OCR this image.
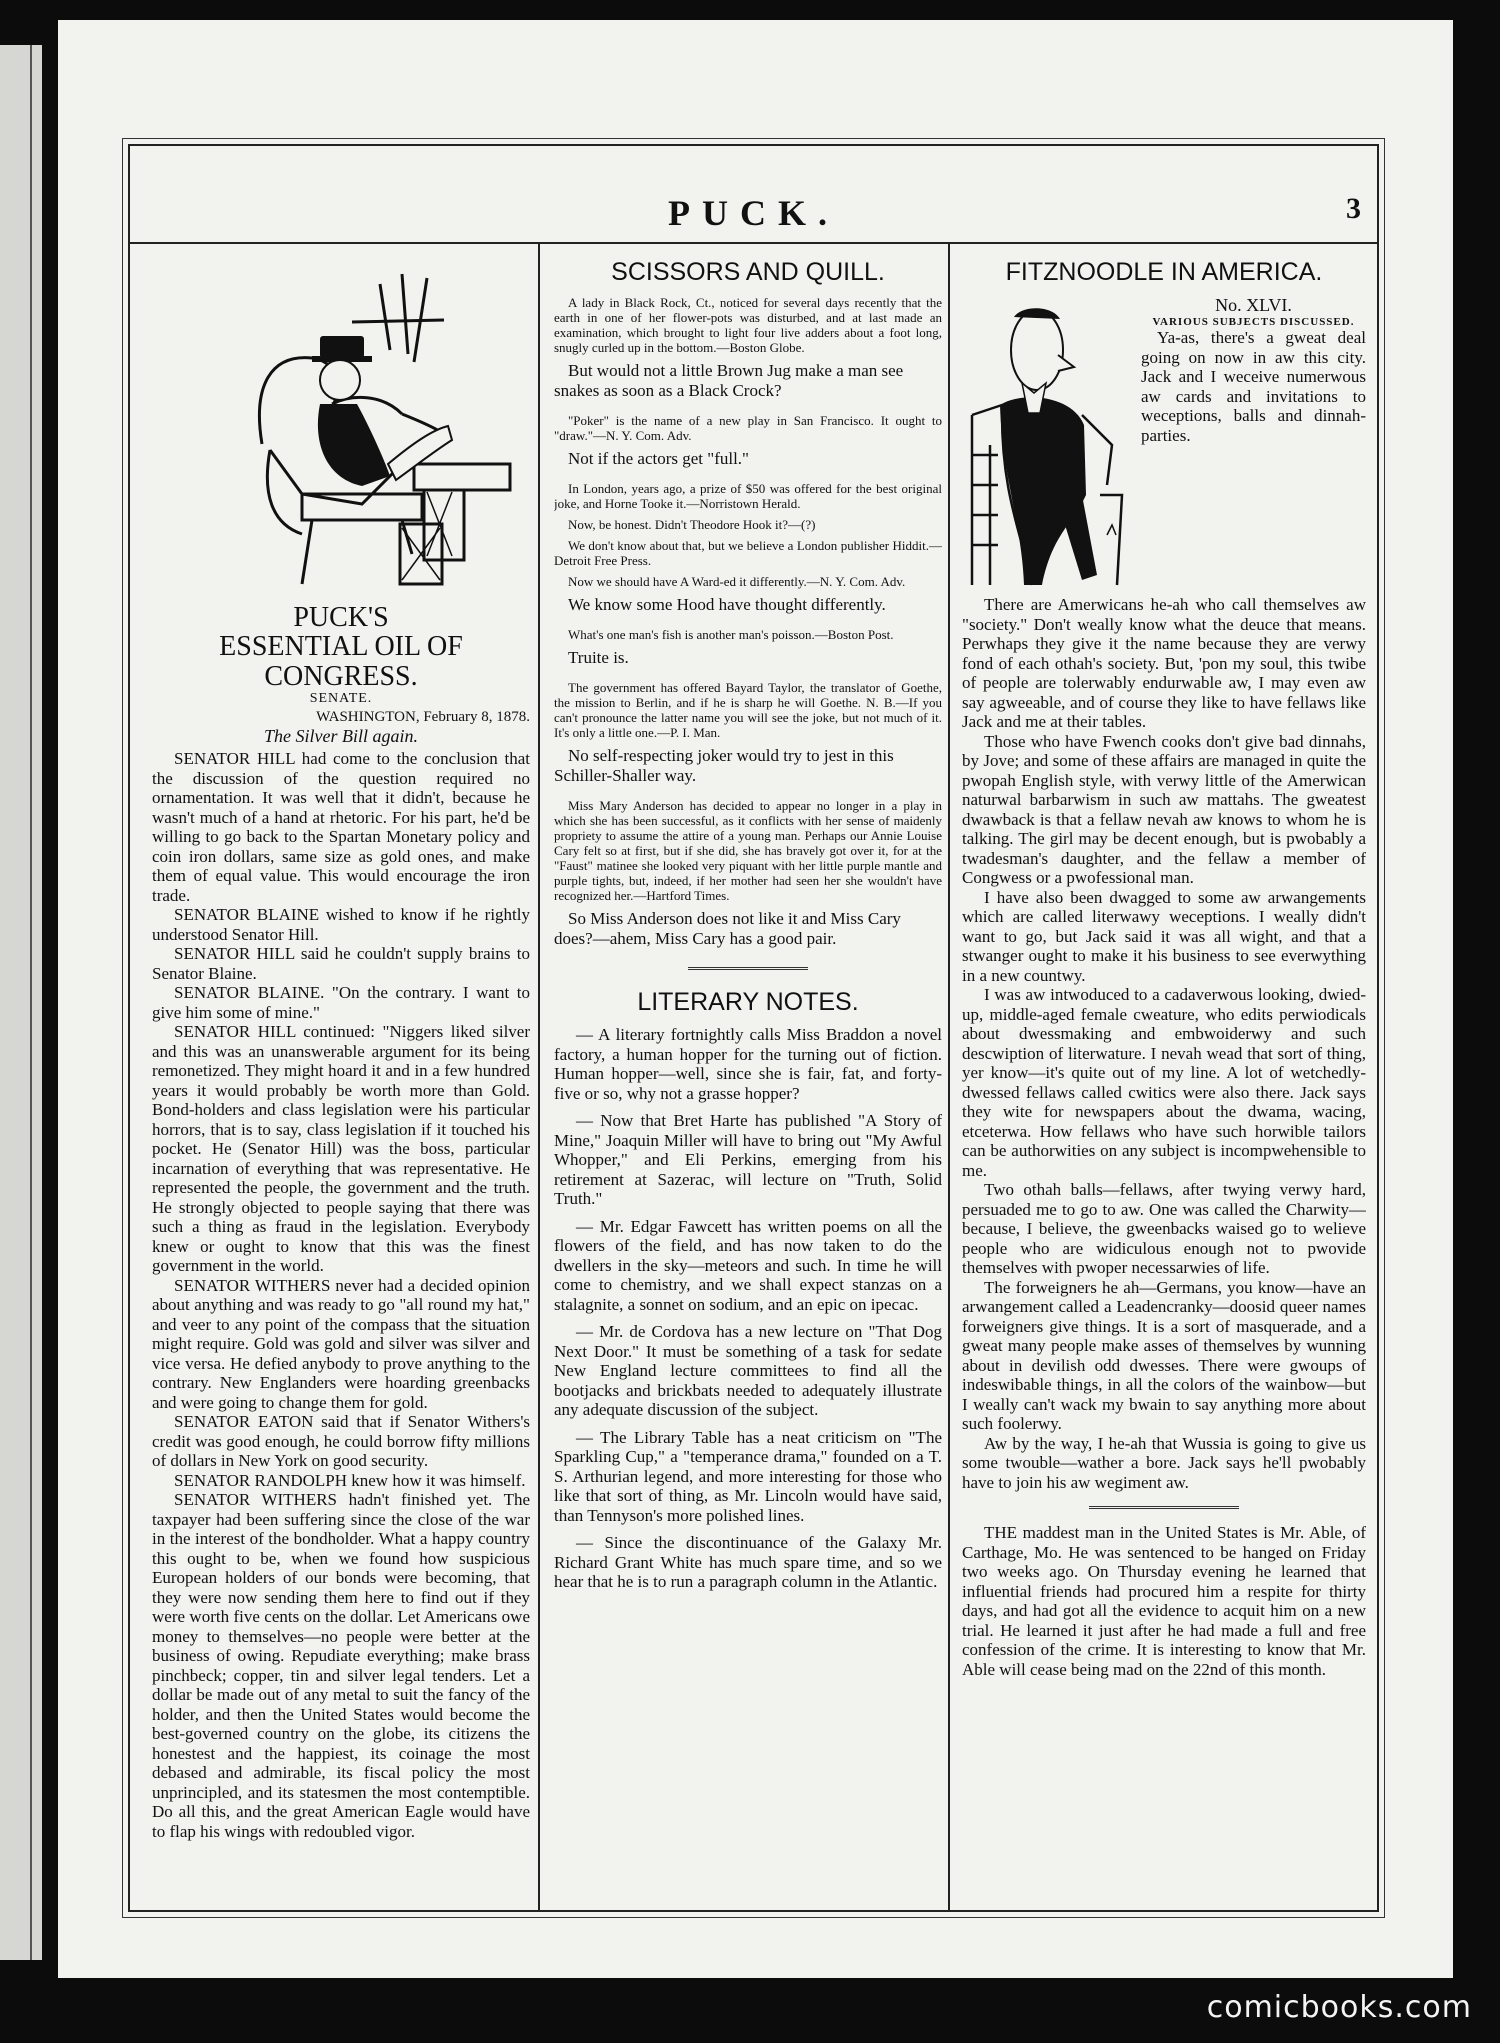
PUCK.	3
PUCK'S
ESSENTIAL OIL OF CONGRESS.
SENATE.
WASHINGTON, February 8, 1878.
The Silver Bill again.

SENATOR HILL had come to the conclusion that the discussion of the question required no ornamentation. It was well that it didn't, because he wasn't much of a hand at rhetoric. For his part, he'd be willing to go back to the Spartan Monetary policy and coin iron dollars, same size as gold ones, and make them of equal value. This would encourage the iron trade.

SENATOR BLAINE wished to know if he rightly understood Senator Hill.

SENATOR HILL said he couldn't supply brains to Senator Blaine.

SENATOR BLAINE. "On the contrary. I want to give him some of mine."

SENATOR HILL continued: "Niggers liked silver and this was an unanswerable argument for its being remonetized. They might hoard it and in a few hundred years it would probably be worth more than Gold. Bond-holders and class legislation were his particular horrors, that is to say, class legislation if it touched his pocket. He (Senator Hill) was the boss, particular incarnation of everything that was representative. He represented the people, the government and the truth. He strongly objected to people saying that there was such a thing as fraud in the legislation. Everybody knew or ought to know that this was the finest government in the world.

SENATOR WITHERS never had a decided opinion about anything and was ready to go "all round my hat," and veer to any point of the compass that the situation might require. Gold was gold and silver was silver and vice versa. He defied anybody to prove anything to the contrary. New Englanders were hoarding greenbacks and were going to change them for gold.

SENATOR EATON said that if Senator Withers's credit was good enough, he could borrow fifty millions of dollars in New York on good security.

SENATOR RANDOLPH knew how it was himself.

SENATOR WITHERS hadn't finished yet. The taxpayer had been suffering since the close of the war in the interest of the bondholder. What a happy country this ought to be, when we found how suspicious European holders of our bonds were becoming, that they were now sending them here to find out if they were worth five cents on the dollar. Let Americans owe money to themselves—no people were better at the business of owing. Repudiate everything; make brass pinchbeck; copper, tin and silver legal tenders. Let a dollar be made out of any metal to suit the fancy of the holder, and then the United States would become the best-governed country on the globe, its citizens the honestest and the happiest, its coinage the most debased and admirable, its fiscal policy the most unprincipled, and its statesmen the most contemptible. Do all this, and the great American Eagle would have to flap his wings with redoubled vigor.

SCISSORS AND QUILL.

A lady in Black Rock, Ct., noticed for several days recently that the earth in one of her flower-pots was disturbed, and at last made an examination, which brought to light four live adders about a foot long, snugly curled up in the bottom.—Boston Globe.

But would not a little Brown Jug make a man see snakes as soon as a Black Crock?

"Poker" is the name of a new play in San Francisco. It ought to "draw."—N. Y. Com. Adv.

Not if the actors get "full."

In London, years ago, a prize of $50 was offered for the best original joke, and Horne Tooke it.—Norristown Herald.

Now, be honest. Didn't Theodore Hook it?—(?)

We don't know about that, but we believe a London publisher Hiddit.—Detroit Free Press.

Now we should have A Ward-ed it differently.—N. Y. Com. Adv.

We know some Hood have thought differently.

What's one man's fish is another man's poisson.—Boston Post.

Truite is.

The government has offered Bayard Taylor, the translator of Goethe, the mission to Berlin, and if he is sharp he will Goethe. N. B.—If you can't pronounce the latter name you will see the joke, but not much of it. It's only a little one.—P. I. Man.

No self-respecting joker would try to jest in this Schiller-Shaller way.

Miss Mary Anderson has decided to appear no longer in a play in which she has been successful, as it conflicts with her sense of maidenly propriety to assume the attire of a young man. Perhaps our Annie Louise Cary felt so at first, but if she did, she has bravely got over it, for at the "Faust" matinee she looked very piquant with her little purple mantle and purple tights, but, indeed, if her mother had seen her she wouldn't have recognized her.—Hartford Times.

So Miss Anderson does not like it and Miss Cary does?—ahem, Miss Cary has a good pair.
LITERARY NOTES.

— A literary fortnightly calls Miss Braddon a novel factory, a human hopper for the turning out of fiction. Human hopper—well, since she is fair, fat, and forty-five or so, why not a grasse hopper?

— Now that Bret Harte has published "A Story of Mine," Joaquin Miller will have to bring out "My Awful Whopper," and Eli Perkins, emerging from his retirement at Sazerac, will lecture on "Truth, Solid Truth."

— Mr. Edgar Fawcett has written poems on all the flowers of the field, and has now taken to do the dwellers in the sky—meteors and such. In time he will come to chemistry, and we shall expect stanzas on a stalagnite, a sonnet on sodium, and an epic on ipecac.

— Mr. de Cordova has a new lecture on "That Dog Next Door." It must be something of a task for sedate New England lecture committees to find all the bootjacks and brickbats needed to adequately illustrate any adequate discussion of the subject.

— The Library Table has a neat criticism on "The Sparkling Cup," a "temperance drama," founded on a T. S. Arthurian legend, and more interesting for those who like that sort of thing, as Mr. Lincoln would have said, than Tennyson's more polished lines.

— Since the discontinuance of the Galaxy Mr. Richard Grant White has much spare time, and so we hear that he is to run a paragraph column in the Atlantic.

FITZNOODLE IN AMERICA.
No. XLVI.
VARIOUS SUBJECTS DISCUSSED.

Ya-as, there's a gweat deal going on now in aw this city. Jack and I weceive numerwous aw cards and invitations to weceptions, balls and dinnah-parties.

There are Amerwicans he-ah who call themselves aw "society." Don't weally know what the deuce that means. Perwhaps they give it the name because they are verwy fond of each othah's society. But, 'pon my soul, this twibe of people are tolerwably endurwable aw, I may even aw say agweeable, and of course they like to have fellaws like Jack and me at their tables.

Those who have Fwench cooks don't give bad dinnahs, by Jove; and some of these affairs are managed in quite the pwopah English style, with verwy little of the Amerwican naturwal barbarwism in such aw mattahs. The gweatest dwawback is that a fellaw nevah aw knows to whom he is talking. The girl may be decent enough, but is pwobably a twadesman's daughter, and the fellaw a member of Congwess or a pwofessional man.

I have also been dwagged to some aw arwangements which are called literwawy weceptions. I weally didn't want to go, but Jack said it was all wight, and that a stwanger ought to make it his business to see everwything in a new countwy.

I was aw intwoduced to a cadaverwous looking, dwied-up, middle-aged female cweature, who edits perwiodicals about dwessmaking and embwoiderwy and such descwiption of literwature. I nevah wead that sort of thing, yer know—it's quite out of my line. A lot of wetchedly-dwessed fellaws called cwitics were also there. Jack says they wite for newspapers about the dwama, wacing, etceterwa. How fellaws who have such horwible tailors can be authorwities on any subject is incompwehensible to me.

Two othah balls—fellaws, after twying verwy hard, persuaded me to go to aw. One was called the Charwity—because, I believe, the gweenbacks waised go to welieve people who are widiculous enough not to pwovide themselves with pwoper necessarwies of life.

The forweigners he ah—Germans, you know—have an arwangement called a Leadencranky—doosid queer names forweigners give things. It is a sort of masquerade, and a gweat many people make asses of themselves by wunning about in devilish odd dwesses. There were gwoups of indeswibable things, in all the colors of the wainbow—but I weally can't wack my bwain to say anything more about such foolerwy.

Aw by the way, I he-ah that Wussia is going to give us some twouble—wather a bore. Jack says he'll pwobably have to join his aw wegiment aw.

THE maddest man in the United States is Mr. Able, of Carthage, Mo. He was sentenced to be hanged on Friday two weeks ago. On Thursday evening he learned that influential friends had procured him a respite for thirty days, and had got all the evidence to acquit him on a new trial. He learned it just after he had made a full and free confession of the crime. It is interesting to know that Mr. Able will cease being mad on the 22nd of this month.

comicbooks.com
